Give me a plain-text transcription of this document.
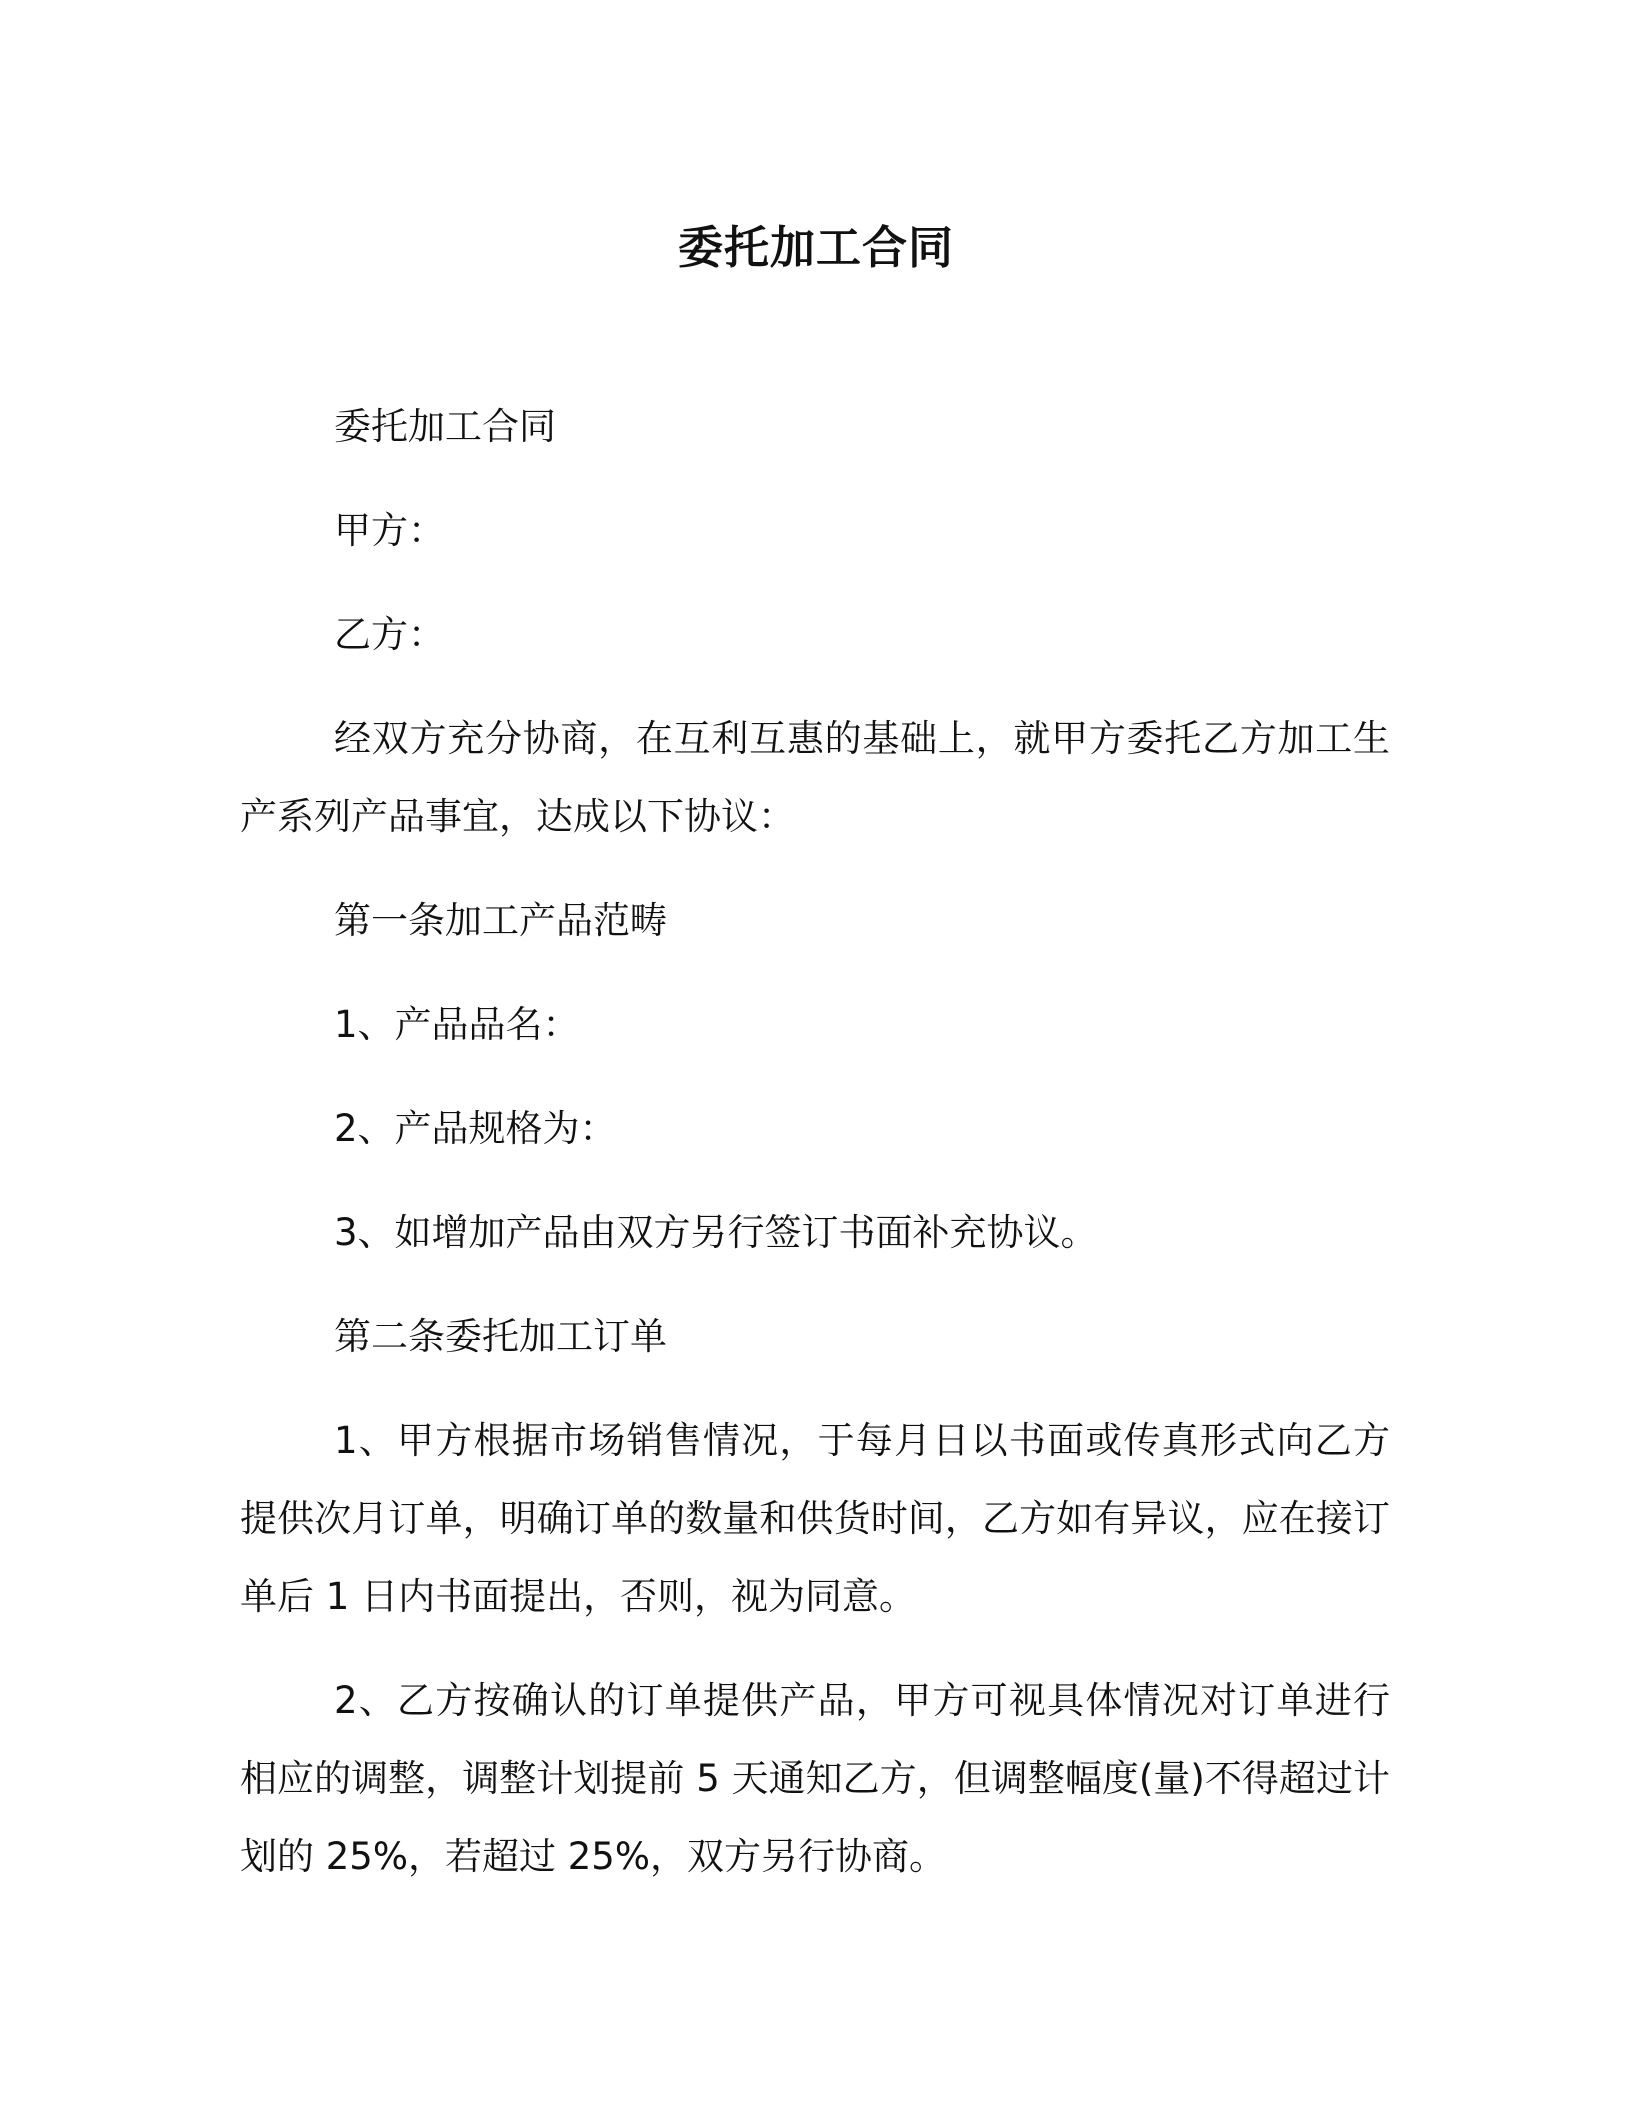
委托加工合同

委托加工合同

甲方：

乙方：

经双方充分协商，在互利互惠的基础上，就甲方委托乙方加工生产系列产品事宜，达成以下协议：

第一条加工产品范畴

1、产品品名：

2、产品规格为：

3、如增加产品由双方另行签订书面补充协议。

第二条委托加工订单

1、甲方根据市场销售情况，于每月日以书面或传真形式向乙方提供次月订单，明确订单的数量和供货时间，乙方如有异议，应在接订单后 1 日内书面提出，否则，视为同意。

2、乙方按确认的订单提供产品，甲方可视具体情况对订单进行相应的调整，调整计划提前 5 天通知乙方，但调整幅度(量)不得超过计划的 25%，若超过 25%，双方另行协商。
